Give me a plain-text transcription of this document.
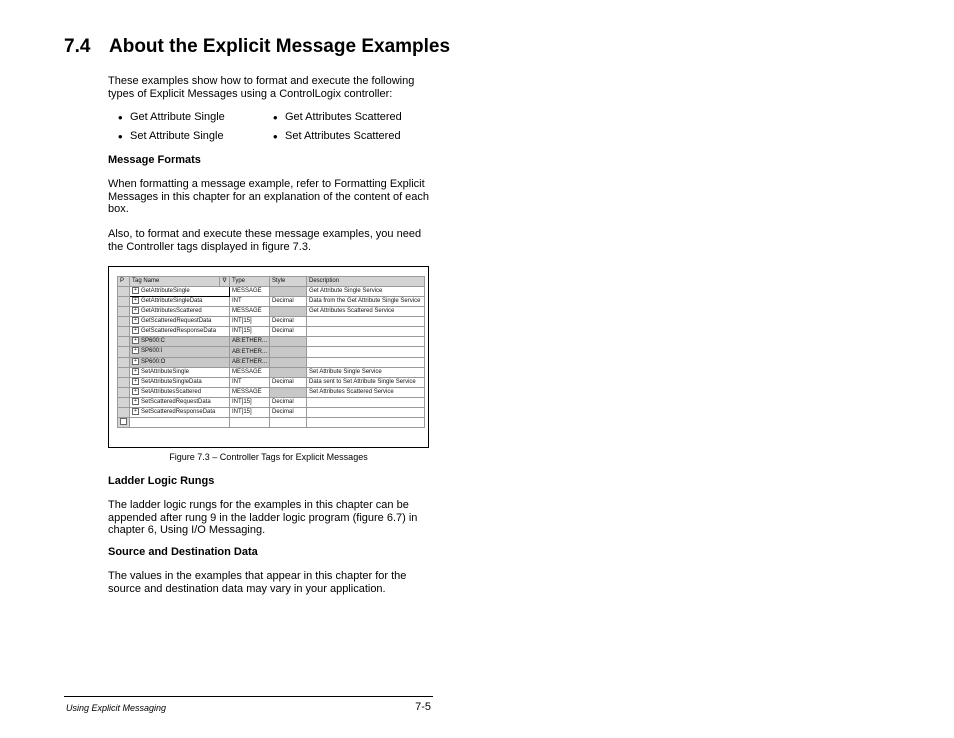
7.4 About the Explicit Message Examples

These examples show how to format and execute the following types of Explicit Messages using a ControlLogix controller:

• Get Attribute Single	• Get Attributes Scattered
• Set Attribute Single	• Set Attributes Scattered
Message Formats

When formatting a message example, refer to Formatting Explicit Messages in this chapter for an explanation of the content of each box.

Also, to format and execute these message examples, you need the Controller tags displayed in figure 7.3.

P	Tag Name	∇	Type	Style	Description
	+ GetAttributeSingle		MESSAGE		Get Attribute Single Service
	+ GetAttributeSingleData		INT	Decimal	Data from the Get Attribute Single Service
	+ GetAttributesScattered		MESSAGE		Get Attributes Scattered Service
	+ GetScatteredRequestData		INT[15]	Decimal	
	+ GetScatteredResponseData		INT[15]	Decimal	
	+ SP600:C		AB:ETHER...		
	+ SP600:I		AB:ETHER...		
	+ SP600:O		AB:ETHER...		
	+ SetAttributeSingle		MESSAGE		Set Attribute Single Service
	+ SetAttributeSingleData		INT	Decimal	Data sent to Set Attribute Single Service
	+ SetAttributesScattered		MESSAGE		Set Attributes Scattered Service
	+ SetScatteredRequestData		INT[15]	Decimal	
	+ SetScatteredResponseData		INT[15]	Decimal	

Figure 7.3 – Controller Tags for Explicit Messages

Ladder Logic Rungs

The ladder logic rungs for the examples in this chapter can be appended after rung 9 in the ladder logic program (figure 6.7) in chapter 6, Using I/O Messaging.

Source and Destination Data

The values in the examples that appear in this chapter for the source and destination data may vary in your application.

Using Explicit Messaging	7-5
